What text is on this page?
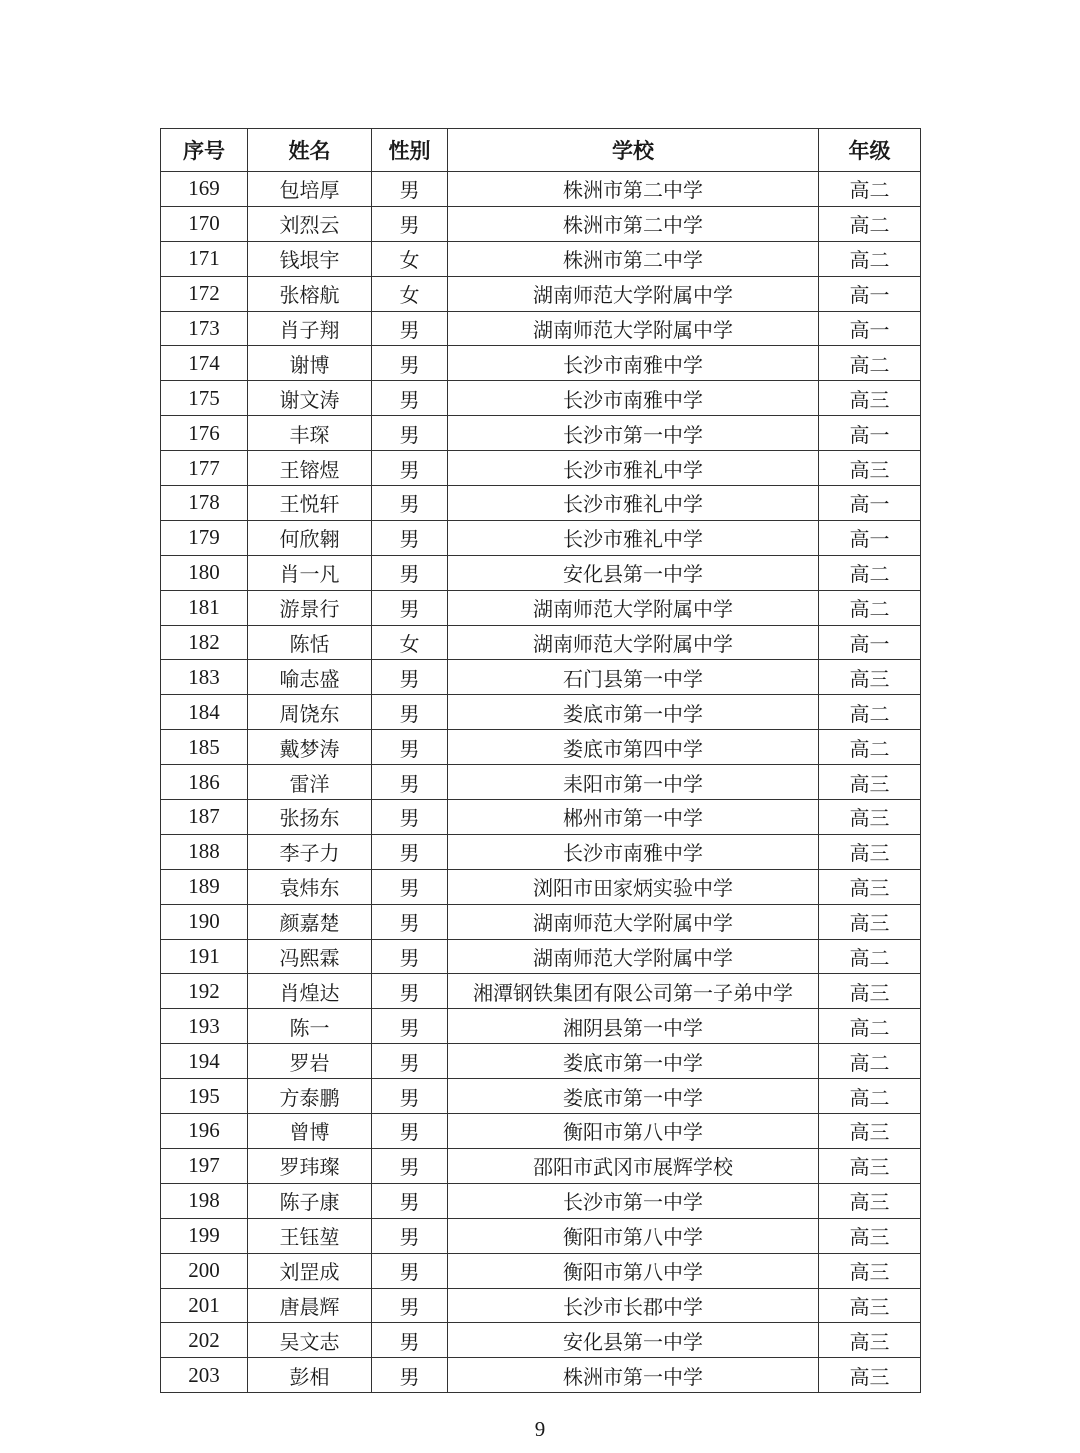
序号	姓名	性别	学校	年级
169	包培厚	男	株洲市第二中学	高二
170	刘烈云	男	株洲市第二中学	高二
171	钱垠宇	女	株洲市第二中学	高二
172	张榕航	女	湖南师范大学附属中学	高一
173	肖子翔	男	湖南师范大学附属中学	高一
174	谢博	男	长沙市南雅中学	高二
175	谢文涛	男	长沙市南雅中学	高三
176	丰琛	男	长沙市第一中学	高一
177	王镕煜	男	长沙市雅礼中学	高三
178	王悦轩	男	长沙市雅礼中学	高一
179	何欣翱	男	长沙市雅礼中学	高一
180	肖一凡	男	安化县第一中学	高二
181	游景行	男	湖南师范大学附属中学	高二
182	陈恬	女	湖南师范大学附属中学	高一
183	喻志盛	男	石门县第一中学	高三
184	周饶东	男	娄底市第一中学	高二
185	戴梦涛	男	娄底市第四中学	高二
186	雷洋	男	耒阳市第一中学	高三
187	张扬东	男	郴州市第一中学	高三
188	李子力	男	长沙市南雅中学	高三
189	袁炜东	男	浏阳市田家炳实验中学	高三
190	颜嘉楚	男	湖南师范大学附属中学	高三
191	冯熙霖	男	湖南师范大学附属中学	高二
192	肖煌达	男	湘潭钢铁集团有限公司第一子弟中学	高三
193	陈一	男	湘阴县第一中学	高二
194	罗岩	男	娄底市第一中学	高二
195	方泰鹏	男	娄底市第一中学	高二
196	曾博	男	衡阳市第八中学	高三
197	罗玮璨	男	邵阳市武冈市展辉学校	高三
198	陈子康	男	长沙市第一中学	高三
199	王钰堃	男	衡阳市第八中学	高三
200	刘罡成	男	衡阳市第八中学	高三
201	唐晨辉	男	长沙市长郡中学	高三
202	吴文志	男	安化县第一中学	高三
203	彭相	男	株洲市第一中学	高三
9
